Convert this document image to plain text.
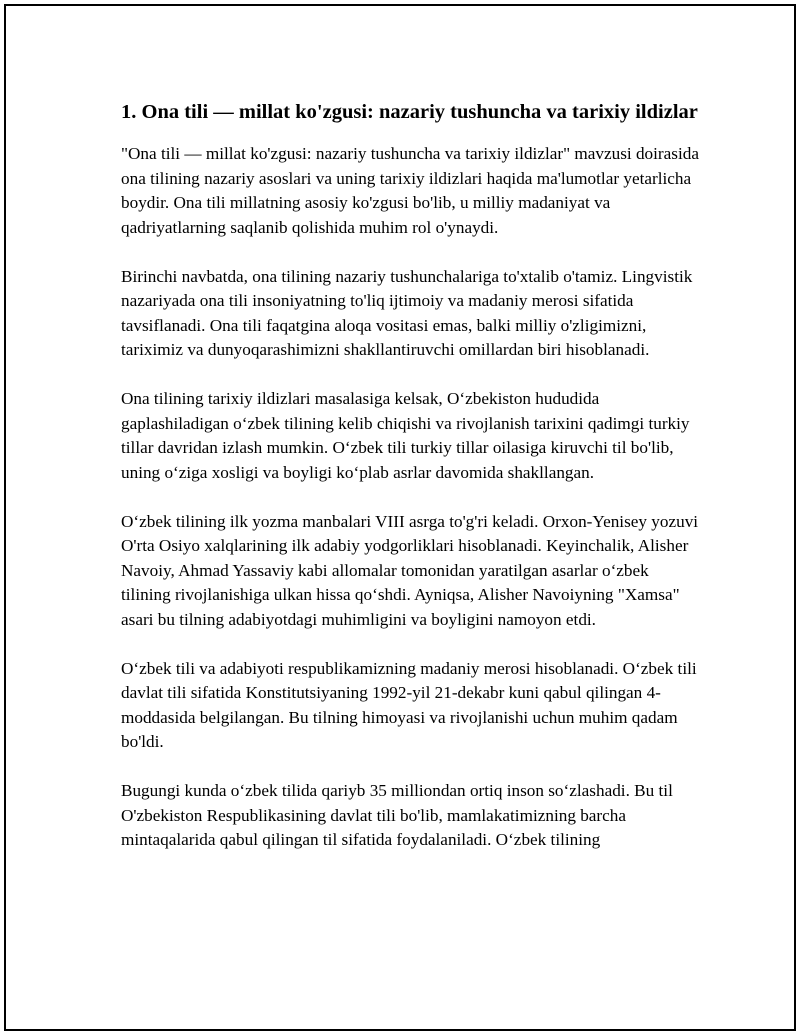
1. Ona tili — millat ko'zgusi: nazariy tushuncha va tarixiy ildizlar

"Ona tili — millat ko'zgusi: nazariy tushuncha va tarixiy ildizlar" mavzusi doirasida ona tilining nazariy asoslari va uning tarixiy ildizlari haqida ma'lumotlar yetarlicha boydir. Ona tili millatning asosiy ko'zgusi bo'lib, u milliy madaniyat va qadriyatlarning saqlanib qolishida muhim rol o'ynaydi.

Birinchi navbatda, ona tilining nazariy tushunchalariga to'xtalib o'tamiz. Lingvistik nazariyada ona tili insoniyatning to'liq ijtimoiy va madaniy merosi sifatida tavsiflanadi. Ona tili faqatgina aloqa vositasi emas, balki milliy o'zligimizni, tariximiz va dunyoqarashimizni shakllantiruvchi omillardan biri hisoblanadi.

Ona tilining tarixiy ildizlari masalasiga kelsak, O‘zbekiston hududida gaplashiladigan o‘zbek tilining kelib chiqishi va rivojlanish tarixini qadimgi turkiy tillar davridan izlash mumkin. O‘zbek tili turkiy tillar oilasiga kiruvchi til bo'lib, uning o‘ziga xosligi va boyligi ko‘plab asrlar davomida shakllangan.

O‘zbek tilining ilk yozma manbalari VIII asrga to'g'ri keladi. Orxon-Yenisey yozuvi O'rta Osiyo xalqlarining ilk adabiy yodgorliklari hisoblanadi. Keyinchalik, Alisher Navoiy, Ahmad Yassaviy kabi allomalar tomonidan yaratilgan asarlar o‘zbek tilining rivojlanishiga ulkan hissa qo‘shdi. Ayniqsa, Alisher Navoiyning "Xamsa" asari bu tilning adabiyotdagi muhimligini va boyligini namoyon etdi.

O‘zbek tili va adabiyoti respublikamizning madaniy merosi hisoblanadi. O‘zbek tili davlat tili sifatida Konstitutsiyaning 1992-yil 21-dekabr kuni qabul qilingan 4-moddasida belgilangan. Bu tilning himoyasi va rivojlanishi uchun muhim qadam bo'ldi.

Bugungi kunda o‘zbek tilida qariyb 35 milliondan ortiq inson so‘zlashadi. Bu til O'zbekiston Respublikasining davlat tili bo'lib, mamlakatimizning barcha mintaqalarida qabul qilingan til sifatida foydalaniladi. O‘zbek tilining
